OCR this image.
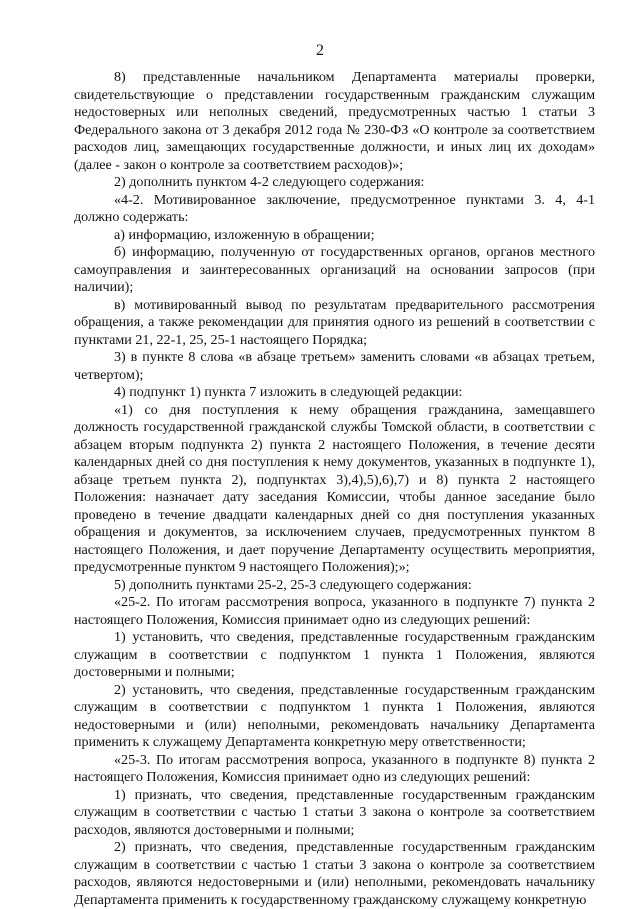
2

8) представленные начальником Департамента материалы проверки, свидетельствующие о представлении государственным гражданским служащим недостоверных или неполных сведений, предусмотренных частью 1 статьи 3 Федерального закона от 3 декабря 2012 года № 230-ФЗ «О контроле за соответствием расходов лиц, замещающих государственные должности, и иных лиц их доходам» (далее - закон о контроле за соответствием расходов)»;

2) дополнить пунктом 4-2 следующего содержания:

«4-2. Мотивированное заключение, предусмотренное пунктами 3. 4, 4-1 должно содержать:

а) информацию, изложенную в обращении;

б) информацию, полученную от государственных органов, органов местного самоуправления и заинтересованных организаций на основании запросов (при наличии);

в) мотивированный вывод по результатам предварительного рассмотрения обращения, а также рекомендации для принятия одного из решений в соответствии с пунктами 21, 22-1, 25, 25-1 настоящего Порядка;

3) в пункте 8 слова «в абзаце третьем» заменить словами «в абзацах третьем, четвертом);

4) подпункт 1) пункта 7 изложить в следующей редакции:

«1) со дня поступления к нему обращения гражданина, замещавшего должность государственной гражданской службы Томской области, в соответствии с абзацем вторым подпункта 2) пункта 2 настоящего Положения, в течение десяти календарных дней со дня поступления к нему документов, указанных в подпункте 1), абзаце третьем пункта 2), подпунктах 3),4),5),6),7) и 8) пункта 2 настоящего Положения: назначает дату заседания Комиссии, чтобы данное заседание было проведено в течение двадцати календарных дней со дня поступления указанных обращения и документов, за исключением случаев, предусмотренных пунктом 8 настоящего Положения, и дает поручение Департаменту осуществить мероприятия, предусмотренные пунктом 9 настоящего Положения);»;

5) дополнить пунктами 25-2, 25-3 следующего содержания:

«25-2. По итогам рассмотрения вопроса, указанного в подпункте 7) пункта 2 настоящего Положения, Комиссия принимает одно из следующих решений:

1) установить, что сведения, представленные государственным гражданским служащим в соответствии с подпунктом 1 пункта 1 Положения, являются достоверными и полными;

2) установить, что сведения, представленные государственным гражданским служащим в соответствии с подпунктом 1 пункта 1 Положения, являются недостоверными и (или) неполными, рекомендовать начальнику Департамента применить к служащему Департамента конкретную меру ответственности;

«25-3. По итогам рассмотрения вопроса, указанного в подпункте 8) пункта 2 настоящего Положения, Комиссия принимает одно из следующих решений:

1) признать, что сведения, представленные государственным гражданским служащим в соответствии с частью 1 статьи 3 закона о контроле за соответствием расходов, являются достоверными и полными;

2) признать, что сведения, представленные государственным гражданским служащим в соответствии с частью 1 статьи 3 закона о контроле за соответствием расходов, являются недостоверными и (или) неполными, рекомендовать начальнику Департамента применить к государственному гражданскому служащему конкретную
